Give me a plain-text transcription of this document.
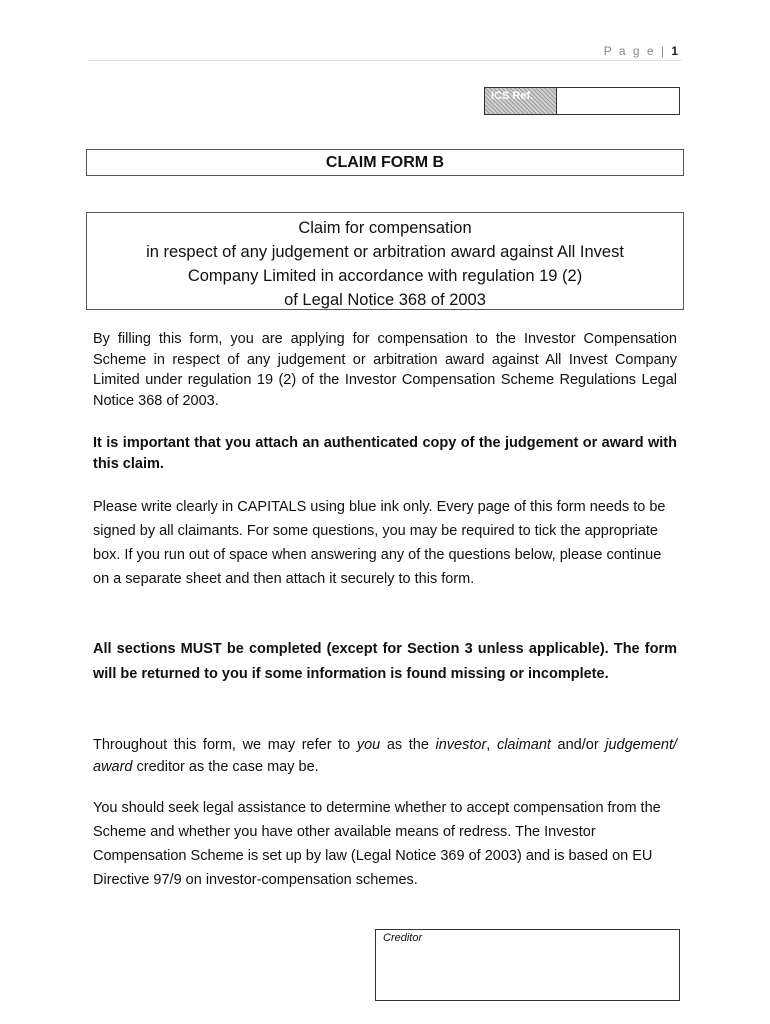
P a g e | 1
ICS Ref.
CLAIM FORM B
Claim for compensation
in respect of any judgement or arbitration award against All Invest
Company Limited in accordance with regulation 19 (2)
of Legal Notice 368 of 2003

By filling this form, you are applying for compensation to the Investor Compensation Scheme in respect of any judgement or arbitration award against All Invest Company Limited under regulation 19 (2) of the Investor Compensation Scheme Regulations Legal Notice 368 of 2003.

It is important that you attach an authenticated copy of the judgement or award with this claim.

Please write clearly in CAPITALS using blue ink only. Every page of this form needs to be signed by all claimants. For some questions, you may be required to tick the appropriate box. If you run out of space when answering any of the questions below, please continue on a separate sheet and then attach it securely to this form.

All sections MUST be completed (except for Section 3 unless applicable). The form will be returned to you if some information is found missing or incomplete.

Throughout this form, we may refer to you as the investor, claimant and/or judgement/ award creditor as the case may be.

You should seek legal assistance to determine whether to accept compensation from the Scheme and whether you have other available means of redress. The Investor Compensation Scheme is set up by law (Legal Notice 369 of 2003) and is based on EU Directive 97/9 on investor-compensation schemes.

Creditor
